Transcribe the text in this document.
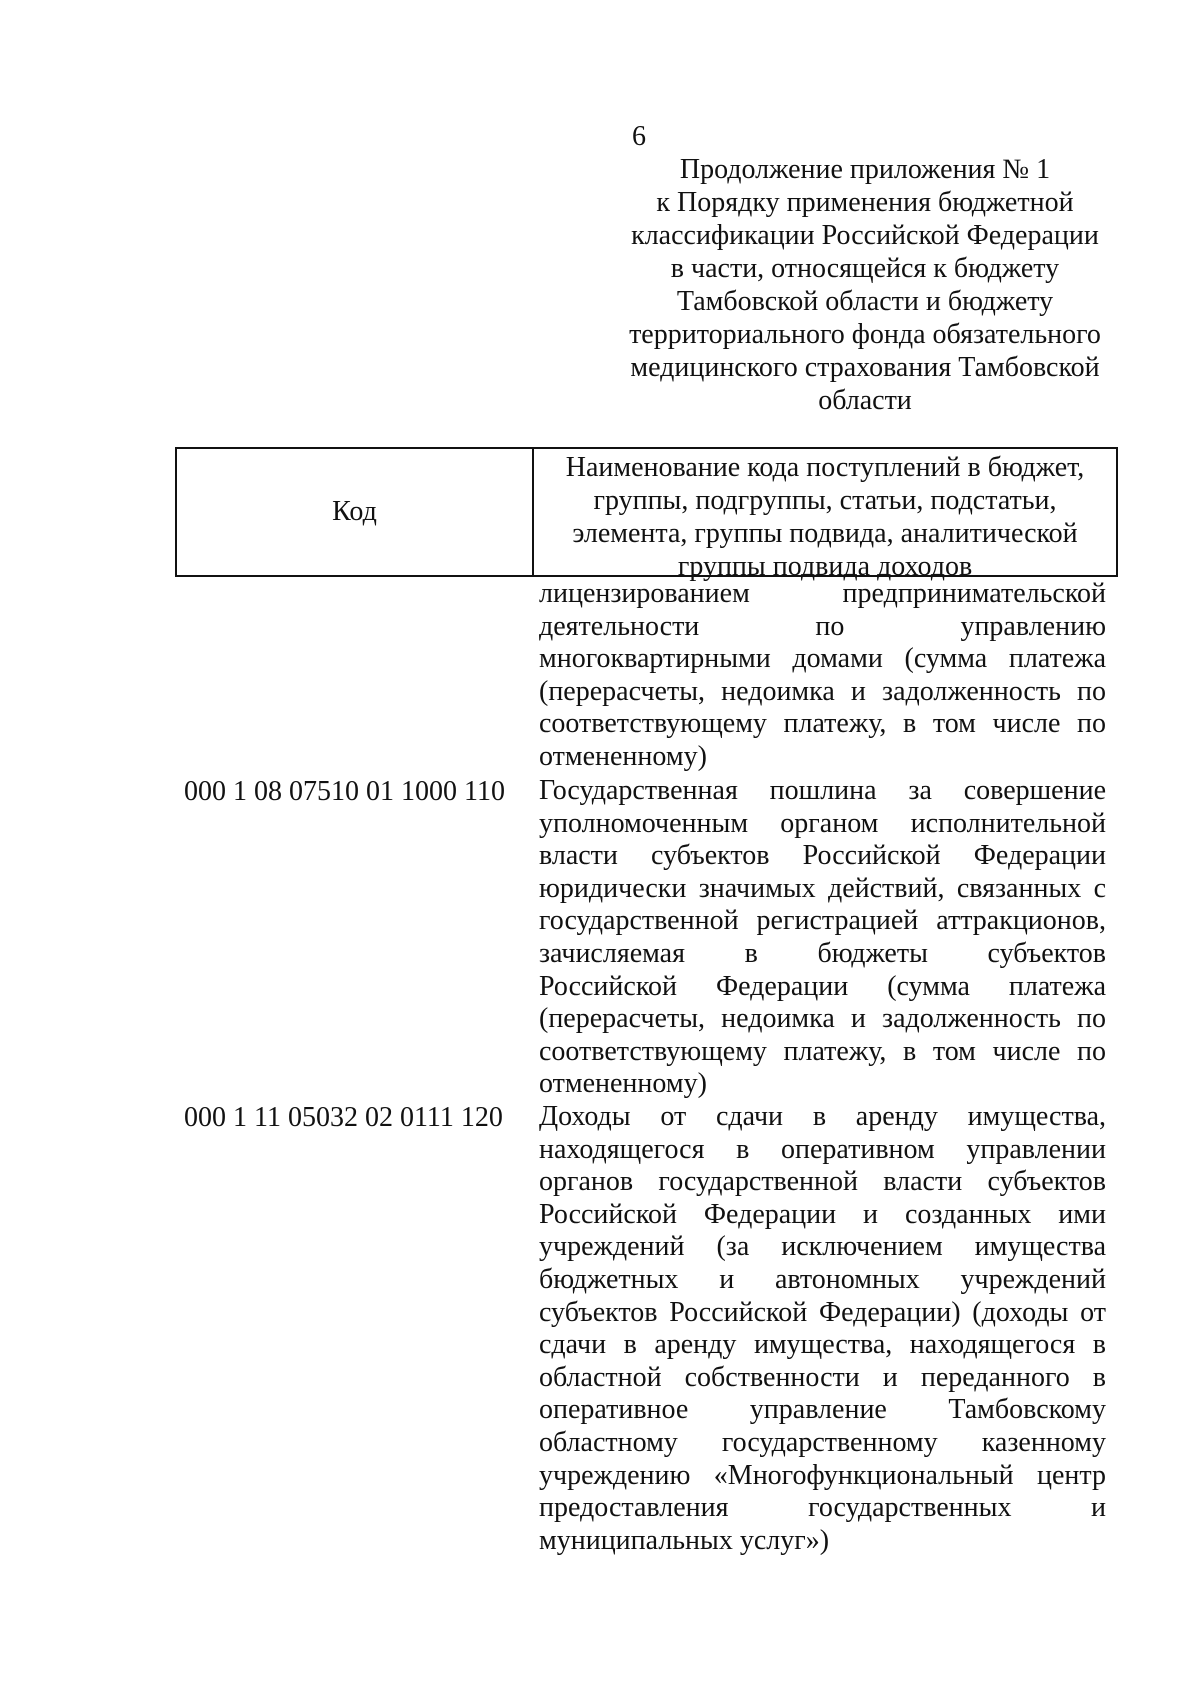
6
Продолжение приложения № 1
к Порядку применения бюджетной
классификации Российской Федерации
в части, относящейся к бюджету
Тамбовской области и бюджету
территориального фонда обязательного
медицинского страхования Тамбовской
области
Код
Наименование кода поступлений в бюджет,
группы, подгруппы, статьи, подстатьи,
элемента, группы подвида, аналитической
группы подвида доходов
лицензированием предпринимательской
деятельности по управлению
многоквартирными домами (сумма платежа
(перерасчеты, недоимка и задолженность по
соответствующему платежу, в том числе по
отмененному)
000 1 08 07510 01 1000 110 Государственная пошлина за совершение
уполномоченным органом исполнительной
власти субъектов Российской Федерации
юридически значимых действий, связанных с
государственной регистрацией аттракционов,
зачисляемая в бюджеты субъектов
Российской Федерации (сумма платежа
(перерасчеты, недоимка и задолженность по
соответствующему платежу, в том числе по
отмененному)
000 1 11 05032 02 0111 120 Доходы от сдачи в аренду имущества,
находящегося в оперативном управлении
органов государственной власти субъектов
Российской Федерации и созданных ими
учреждений (за исключением имущества
бюджетных и автономных учреждений
субъектов Российской Федерации) (доходы от
сдачи в аренду имущества, находящегося в
областной собственности и переданного в
оперативное управление Тамбовскому
областному государственному казенному
учреждению «Многофункциональный центр
предоставления государственных и
муниципальных услуг»)
